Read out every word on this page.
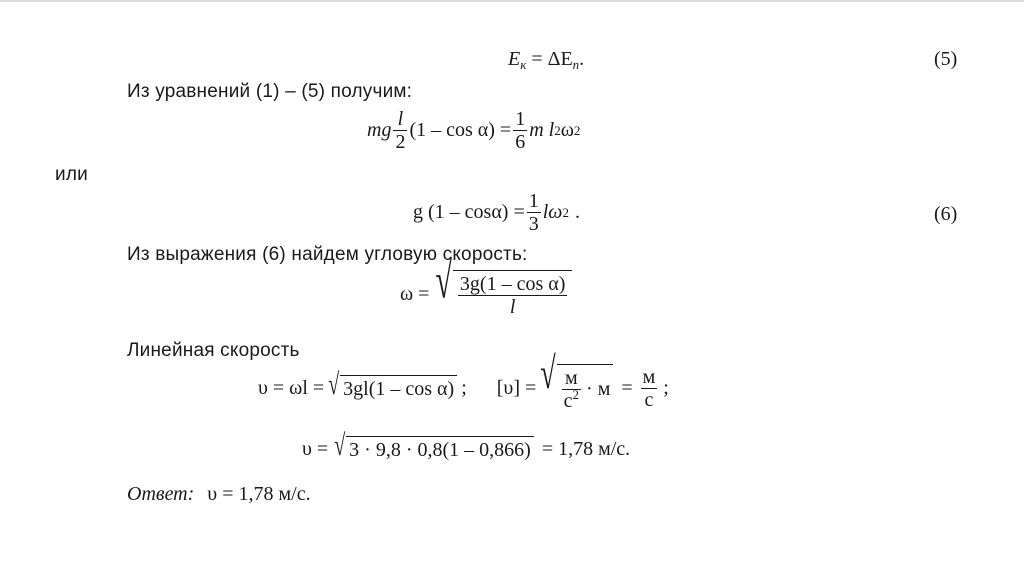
$E_к = \Delta E_п$.	(5)
Из уравнений (1) – (5) получим:
mg $\frac{l}{2} (1 - \cos \alpha) = \frac{1}{6}$ m l 2 ω 2
или
g $(1 - \cos\alpha) = \frac{1}{3}$ lω 2 .	(6)
Из выражения (6) найдем угловую скорость:
ω = √ $\frac{\text{3g(1 – cos α)}}{l}$
Линейная скорость
υ = ωl = √ 3gl(1 – cos α) ; [υ] = √ $\frac{м}{с^2} \cdot м = \frac{м}{с}$ ;
υ = √ 3 · 9,8 · 0,8(1 – 0,866) = 1,78 м/с.
Ответ: υ = 1,78 м/с.
